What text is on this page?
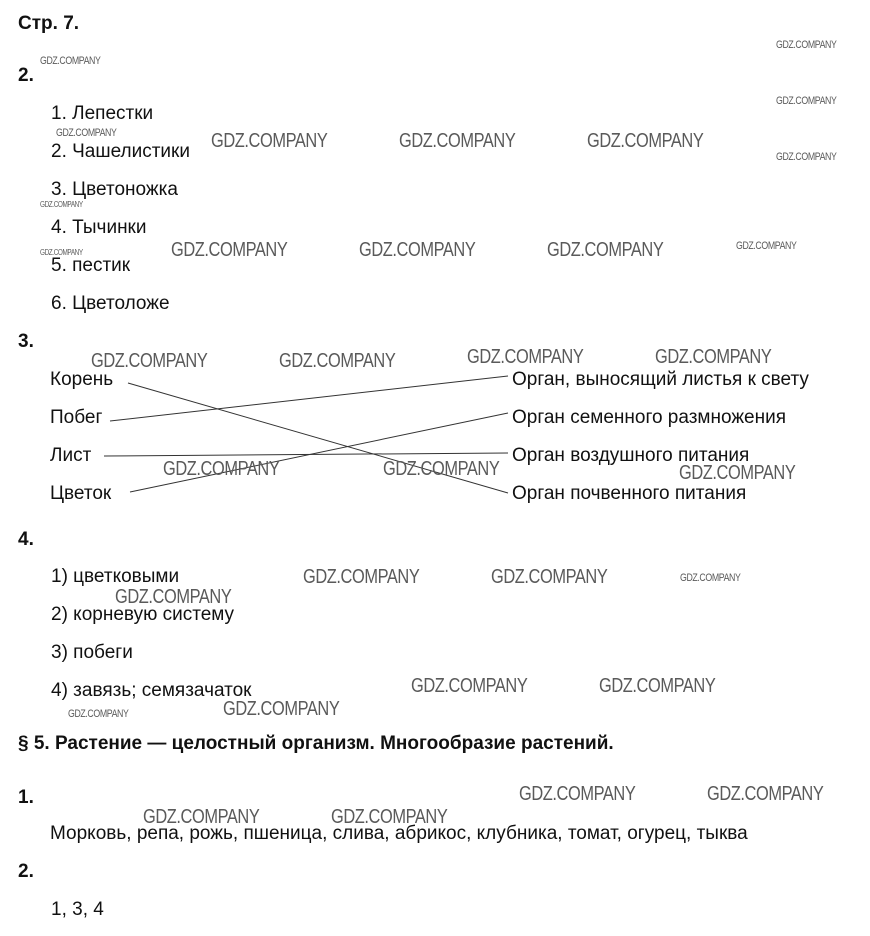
Стр. 7.
2.
1. Лепестки
2. Чашелистики
3. Цветоножка
4. Тычинки
5. пестик
6. Цветоложе
3.
Корень
Побег
Лист
Цветок
Орган, выносящий листья к свету
Орган семенного размножения
Орган воздушного питания
Орган почвенного питания
4.
1) цветковыми
2) корневую систему
3) побеги
4) завязь; семязачаток
§ 5. Растение — целостный организм. Многообразие растений.
1.
Морковь, репа, рожь, пшеница, слива, абрикос, клубника, томат, огурец, тыква
2.
1, 3, 4
GDZ.COMPANY
GDZ.COMPANY
GDZ.COMPANY
GDZ.COMPANY	GDZ.COMPANY	GDZ.COMPANY	GDZ.COMPANY
GDZ.COMPANY
GDZ.COMPANY
GDZ.COMPANY	GDZ.COMPANY	GDZ.COMPANY	GDZ.COMPANY
GDZ.COMPANY
GDZ.COMPANY	GDZ.COMPANY
GDZ.COMPANY	GDZ.COMPANY
GDZ.COMPANY	GDZ.COMPANY	GDZ.COMPANY
GDZ.COMPANY	GDZ.COMPANY	GDZ.COMPANY
GDZ.COMPANY
GDZ.COMPANY	GDZ.COMPANY
GDZ.COMPANY
GDZ.COMPANY
GDZ.COMPANY	GDZ.COMPANY
GDZ.COMPANY	GDZ.COMPANY
